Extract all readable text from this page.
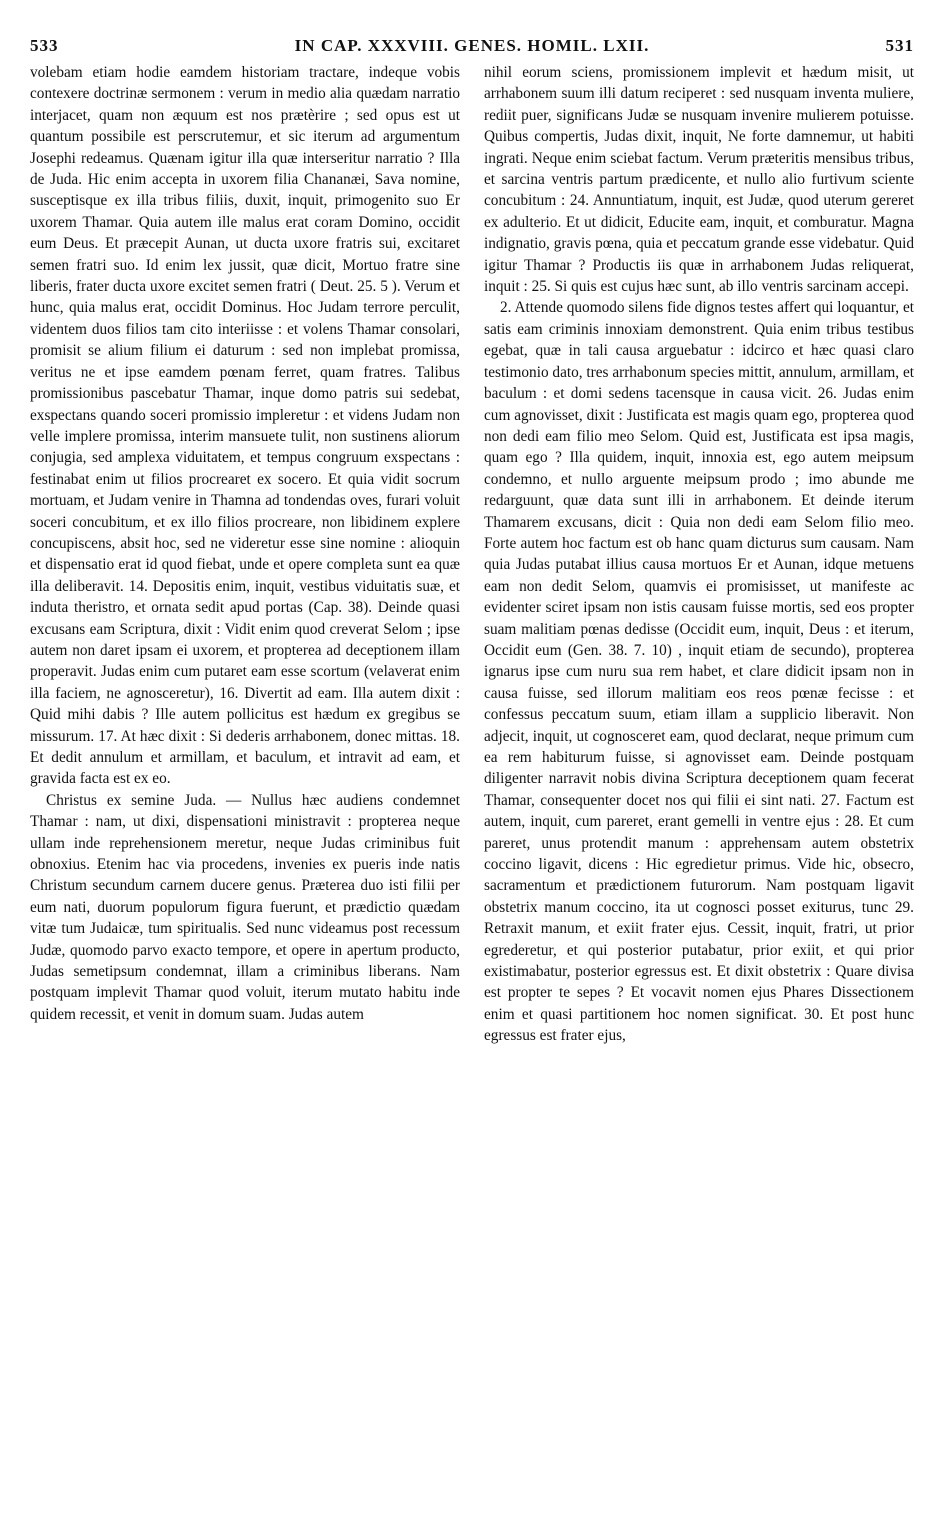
533	IN CAP. XXXVIII. GENES. HOMIL. LXII.	531

volebam etiam hodie eamdem historiam tractare, indeque vobis contexere doctrinæ sermonem : verum in medio alia quædam narratio interjacet, quam non æquum est nos prætèrire ; sed opus est ut quantum possibile est perscrutemur, et sic iterum ad argumentum Josephi redeamus. Quænam igitur illa quæ interseritur narratio ? Illa de Juda. Hic enim accepta in uxorem filia Chananæi, Sava nomine, susceptisque ex illa tribus filiis, duxit, inquit, primogenito suo Er uxorem Thamar. Quia autem ille malus erat coram Domino, occidit eum Deus. Et præcepit Aunan, ut ducta uxore fratris sui, excitaret semen fratri suo. Id enim lex jussit, quæ dicit, Mortuo fratre sine liberis, frater ducta uxore excitet semen fratri ( Deut. 25. 5 ). Verum et hunc, quia malus erat, occidit Dominus. Hoc Judam terrore perculit, videntem duos filios tam cito interiisse : et volens Thamar consolari, promisit se alium filium ei daturum : sed non implebat promissa, veritus ne et ipse eamdem pœnam ferret, quam fratres. Talibus promissionibus pascebatur Thamar, inque domo patris sui sedebat, exspectans quando soceri promissio impleretur : et videns Judam non velle implere promissa, interim mansuete tulit, non sustinens aliorum conjugia, sed amplexa viduitatem, et tempus congruum exspectans : festinabat enim ut filios procrearet ex socero. Et quia vidit socrum mortuam, et Judam venire in Thamna ad tondendas oves, furari voluit soceri concubitum, et ex illo filios procreare, non libidinem explere concupiscens, absit hoc, sed ne videretur esse sine nomine : alioquin et dispensatio erat id quod fiebat, unde et opere completa sunt ea quæ illa deliberavit. 14. Depositis enim, inquit, vestibus viduitatis suæ, et induta theristro, et ornata sedit apud portas (Cap. 38). Deinde quasi excusans eam Scriptura, dixit : Vidit enim quod creverat Selom ; ipse autem non daret ipsam ei uxorem, et propterea ad deceptionem illam properavit. Judas enim cum putaret eam esse scortum (velaverat enim illa faciem, ne agnosceretur), 16. Divertit ad eam. Illa autem dixit : Quid mihi dabis ? Ille autem pollicitus est hædum ex gregibus se missurum. 17. At hæc dixit : Si dederis arrhabonem, donec mittas. 18. Et dedit annulum et armillam, et baculum, et intravit ad eam, et gravida facta est ex eo.

Christus ex semine Juda. — Nullus hæc audiens condemnet Thamar : nam, ut dixi, dispensationi ministravit : propterea neque ullam inde reprehensionem meretur, neque Judas criminibus fuit obnoxius. Etenim hac via procedens, invenies ex pueris inde natis Christum secundum carnem ducere genus. Præterea duo isti filii per eum nati, duorum populorum figura fuerunt, et prædictio quædam vitæ tum Judaicæ, tum spiritualis. Sed nunc videamus post recessum Judæ, quomodo parvo exacto tempore, et opere in apertum producto, Judas semetipsum condemnat, illam a criminibus liberans. Nam postquam implevit Thamar quod voluit, iterum mutato habitu inde quidem recessit, et venit in domum suam. Judas autem

nihil eorum sciens, promissionem implevit et hædum misit, ut arrhabonem suum illi datum reciperet : sed nusquam inventa muliere, rediit puer, significans Judæ se nusquam invenire mulierem potuisse. Quibus compertis, Judas dixit, inquit, Ne forte damnemur, ut habiti ingrati. Neque enim sciebat factum. Verum præteritis mensibus tribus, et sarcina ventris partum prædicente, et nullo alio furtivum sciente concubitum : 24. Annuntiatum, inquit, est Judæ, quod uterum gereret ex adulterio. Et ut didicit, Educite eam, inquit, et comburatur. Magna indignatio, gravis pœna, quia et peccatum grande esse videbatur. Quid igitur Thamar ? Productis iis quæ in arrhabonem Judas reliquerat, inquit : 25. Si quis est cujus hæc sunt, ab illo ventris sarcinam accepi.

2. Attende quomodo silens fide dignos testes affert qui loquantur, et satis eam criminis innoxiam demonstrent. Quia enim tribus testibus egebat, quæ in tali causa arguebatur : idcirco et hæc quasi claro testimonio dato, tres arrhabonum species mittit, annulum, armillam, et baculum : et domi sedens tacensque in causa vicit. 26. Judas enim cum agnovisset, dixit : Justificata est magis quam ego, propterea quod non dedi eam filio meo Selom. Quid est, Justificata est ipsa magis, quam ego ? Illa quidem, inquit, innoxia est, ego autem meipsum condemno, et nullo arguente meipsum prodo ; imo abunde me redarguunt, quæ data sunt illi in arrhabonem. Et deinde iterum Thamarem excusans, dicit : Quia non dedi eam Selom filio meo. Forte autem hoc factum est ob hanc quam dicturus sum causam. Nam quia Judas putabat illius causa mortuos Er et Aunan, idque metuens eam non dedit Selom, quamvis ei promisisset, ut manifeste ac evidenter sciret ipsam non istis causam fuisse mortis, sed eos propter suam malitiam pœnas dedisse (Occidit eum, inquit, Deus : et iterum, Occidit eum (Gen. 38. 7. 10) , inquit etiam de secundo), propterea ignarus ipse cum nuru sua rem habet, et clare didicit ipsam non in causa fuisse, sed illorum malitiam eos reos pœnæ fecisse : et confessus peccatum suum, etiam illam a supplicio liberavit. Non adjecit, inquit, ut cognosceret eam, quod declarat, neque primum cum ea rem habiturum fuisse, si agnovisset eam. Deinde postquam diligenter narravit nobis divina Scriptura deceptionem quam fecerat Thamar, consequenter docet nos qui filii ei sint nati. 27. Factum est autem, inquit, cum pareret, erant gemelli in ventre ejus : 28. Et cum pareret, unus protendit manum : apprehensam autem obstetrix coccino ligavit, dicens : Hic egredietur primus. Vide hic, obsecro, sacramentum et prædictionem futurorum. Nam postquam ligavit obstetrix manum coccino, ita ut cognosci posset exiturus, tunc 29. Retraxit manum, et exiit frater ejus. Cessit, inquit, fratri, ut prior egrederetur, et qui posterior putabatur, prior exiit, et qui prior existimabatur, posterior egressus est. Et dixit obstetrix : Quare divisa est propter te sepes ? Et vocavit nomen ejus Phares Dissectionem enim et quasi partitionem hoc nomen significat. 30. Et post hunc egressus est frater ejus,
